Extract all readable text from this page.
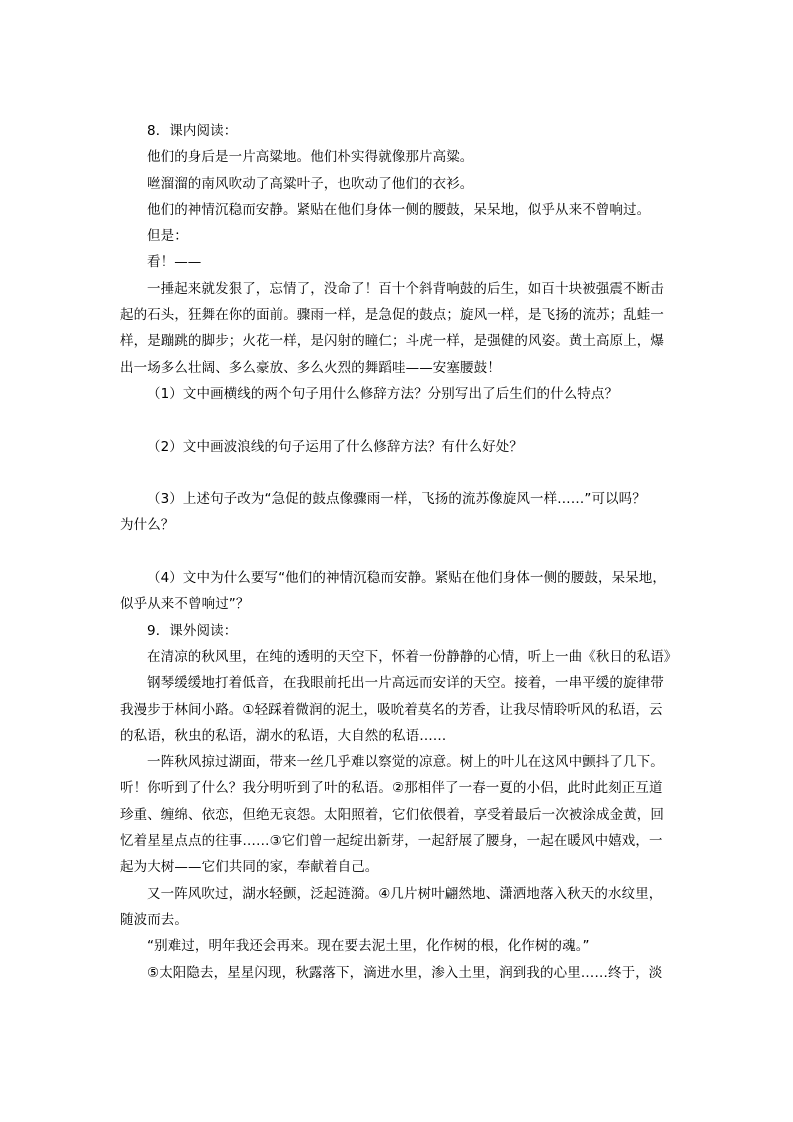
8．课内阅读：
他们的身后是一片高粱地。他们朴实得就像那片高粱。
咝溜溜的南风吹动了高粱叶子，也吹动了他们的衣衫。
他们的神情沉稳而安静。紧贴在他们身体一侧的腰鼓，呆呆地，似乎从来不曾响过。
但是：
看！——
一捶起来就发狠了，忘情了，没命了！百十个斜背响鼓的后生，如百十块被强震不断击
起的石头，狂舞在你的面前。骤雨一样，是急促的鼓点；旋风一样，是飞扬的流苏；乱蛙一
样，是蹦跳的脚步；火花一样，是闪射的瞳仁；斗虎一样，是强健的风姿。黄土高原上，爆
出一场多么壮阔、多么豪放、多么火烈的舞蹈哇——安塞腰鼓！
（1）文中画横线的两个句子用什么修辞方法？分别写出了后生们的什么特点？
（2）文中画波浪线的句子运用了什么修辞方法？有什么好处？
（3）上述句子改为“急促的鼓点像骤雨一样，飞扬的流苏像旋风一样……”可以吗？
为什么？
（4）文中为什么要写“他们的神情沉稳而安静。紧贴在他们身体一侧的腰鼓，呆呆地，
似乎从来不曾响过”？
9．课外阅读：
在清凉的秋风里，在纯的透明的天空下，怀着一份静静的心情，听上一曲《秋日的私语》
钢琴缓缓地打着低音，在我眼前托出一片高远而安详的天空。接着，一串平缓的旋律带
我漫步于林间小路。①轻踩着微润的泥土，吸吮着莫名的芳香，让我尽情聆听风的私语，云
的私语，秋虫的私语，湖水的私语，大自然的私语……
一阵秋风掠过湖面，带来一丝几乎难以察觉的凉意。树上的叶儿在这风中颤抖了几下。
听！你听到了什么？我分明听到了叶的私语。②那相伴了一春一夏的小侣，此时此刻正互道
珍重、缠绵、依恋，但绝无哀怨。太阳照着，它们依偎着，享受着最后一次被涂成金黄，回
忆着星星点点的往事……③它们曾一起绽出新芽，一起舒展了腰身，一起在暖风中嬉戏，一
起为大树——它们共同的家，奉献着自己。
又一阵风吹过，湖水轻颤，泛起涟漪。④几片树叶翩然地、潇洒地落入秋天的水纹里，
随波而去。
“别难过，明年我还会再来。现在要去泥土里，化作树的根，化作树的魂。”
⑤太阳隐去，星星闪现，秋露落下，滴进水里，渗入土里，润到我的心里……终于，淡
